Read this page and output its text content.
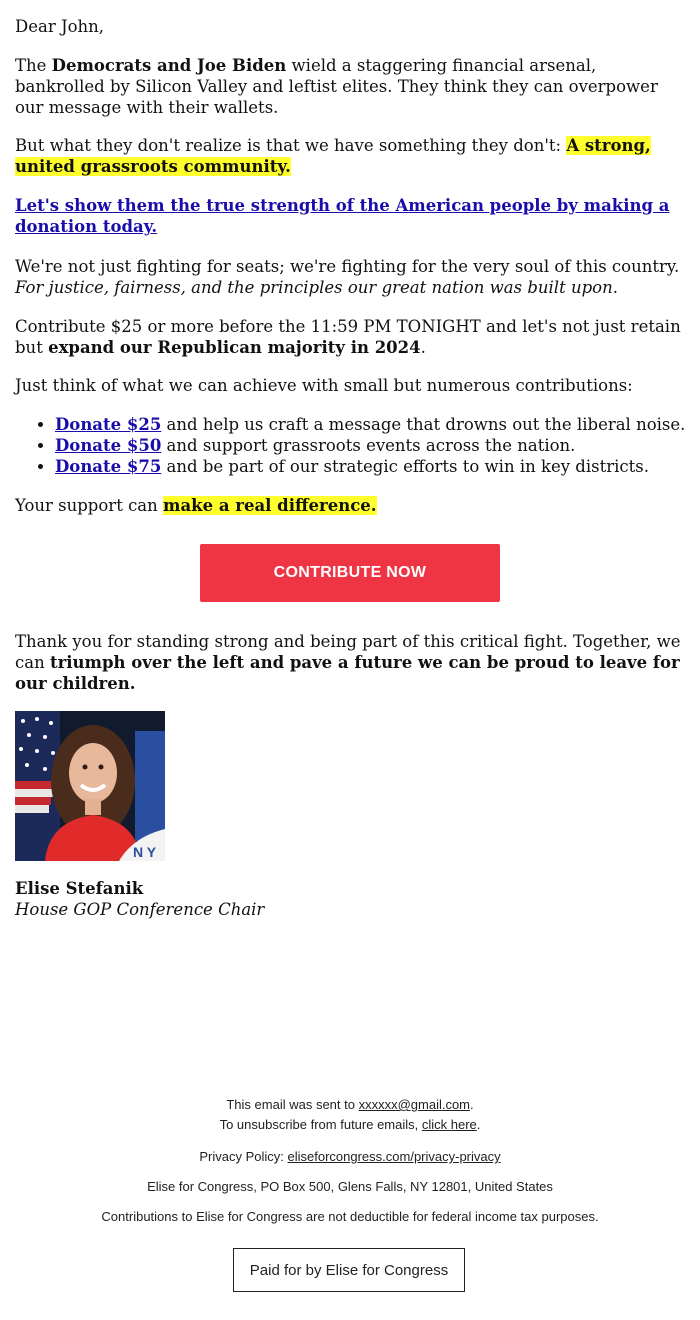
Dear John,

The Democrats and Joe Biden wield a staggering financial arsenal, bankrolled by Silicon Valley and leftist elites. They think they can overpower our message with their wallets.

But what they don't realize is that we have something they don't: A strong, united grassroots community.

Let's show them the true strength of the American people by making a donation today.

We're not just fighting for seats; we're fighting for the very soul of this country. For justice, fairness, and the principles our great nation was built upon.

Contribute $25 or more before the 11:59 PM TONIGHT and let's not just retain but expand our Republican majority in 2024.

Just think of what we can achieve with small but numerous contributions:

• Donate $25 and help us craft a message that drowns out the liberal noise.
• Donate $50 and support grassroots events across the nation.
• Donate $75 and be part of our strategic efforts to win in key districts.

Your support can make a real difference.

CONTRIBUTE NOW

Thank you for standing strong and being part of this critical fight. Together, we can triumph over the left and pave a future we can be proud to leave for our children.

N Y
Elise Stefanik
House GOP Conference Chair
This email was sent to xxxxxx@gmail.com.
To unsubscribe from future emails, click here.
Privacy Policy: eliseforcongress.com/privacy-privacy
Elise for Congress, PO Box 500, Glens Falls, NY 12801, United States
Contributions to Elise for Congress are not deductible for federal income tax purposes.
Paid for by Elise for Congress
